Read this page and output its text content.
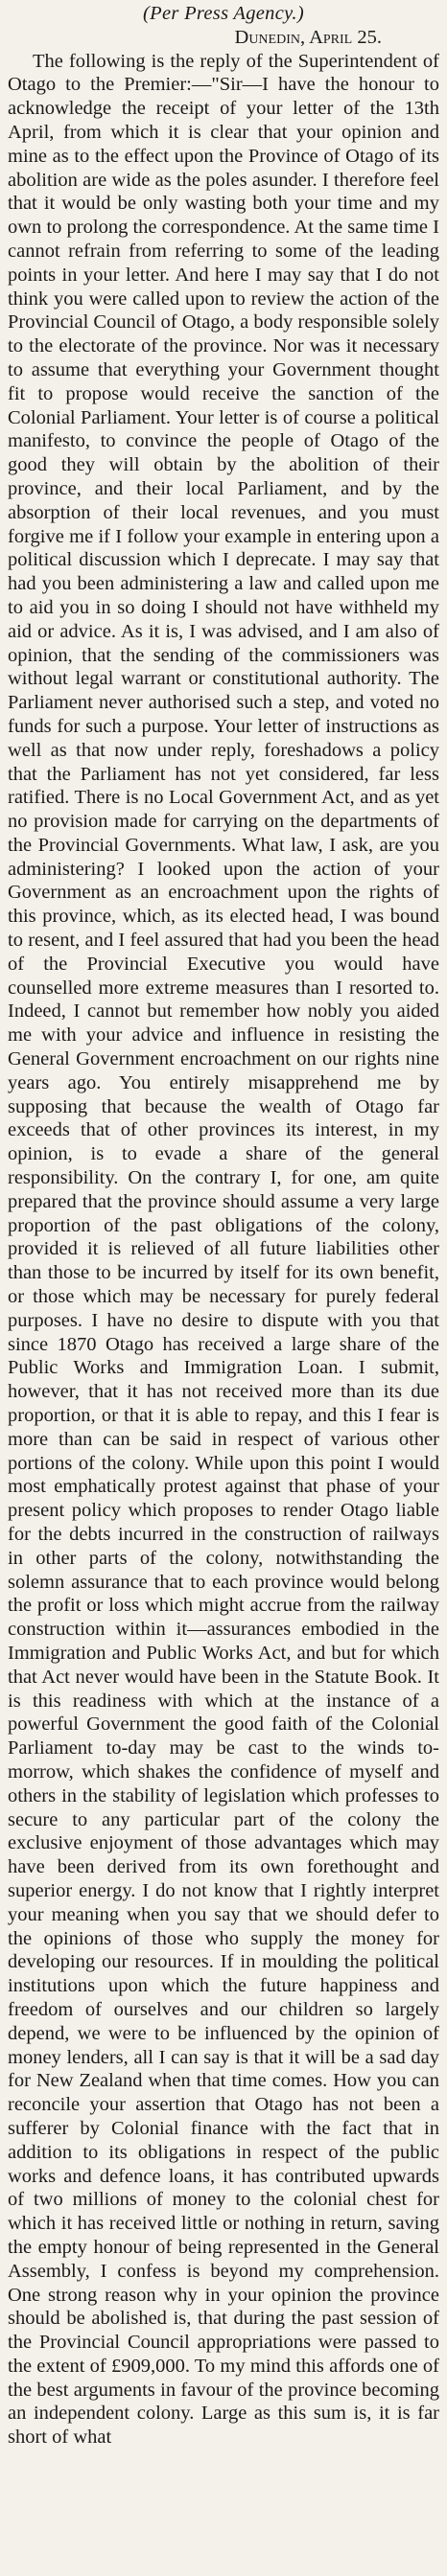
(Per Press Agency.)

Dunedin, April 25.

The following is the reply of the Superintendent of Otago to the Premier:—"Sir—I have the honour to acknowledge the receipt of your letter of the 13th April, from which it is clear that your opinion and mine as to the effect upon the Province of Otago of its abolition are wide as the poles asunder. I therefore feel that it would be only wasting both your time and my own to prolong the correspondence. At the same time I cannot refrain from referring to some of the leading points in your letter. And here I may say that I do not think you were called upon to review the action of the Provincial Council of Otago, a body responsible solely to the electorate of the province. Nor was it necessary to assume that everything your Government thought fit to propose would receive the sanction of the Colonial Parliament. Your letter is of course a political manifesto, to convince the people of Otago of the good they will obtain by the abolition of their province, and their local Parliament, and by the absorption of their local revenues, and you must forgive me if I follow your example in entering upon a political discussion which I deprecate. I may say that had you been administering a law and called upon me to aid you in so doing I should not have withheld my aid or advice. As it is, I was advised, and I am also of opinion, that the sending of the commissioners was without legal warrant or constitutional authority. The Parliament never authorised such a step, and voted no funds for such a purpose. Your letter of instructions as well as that now under reply, foreshadows a policy that the Parliament has not yet considered, far less ratified. There is no Local Government Act, and as yet no provision made for carrying on the departments of the Provincial Governments. What law, I ask, are you administering? I looked upon the action of your Government as an encroachment upon the rights of this province, which, as its elected head, I was bound to resent, and I feel assured that had you been the head of the Provincial Executive you would have counselled more extreme measures than I resorted to. Indeed, I cannot but remember how nobly you aided me with your advice and influence in resisting the General Government encroachment on our rights nine years ago. You entirely misapprehend me by supposing that because the wealth of Otago far exceeds that of other provinces its interest, in my opinion, is to evade a share of the general responsibility. On the contrary I, for one, am quite prepared that the province should assume a very large proportion of the past obligations of the colony, provided it is relieved of all future liabilities other than those to be incurred by itself for its own benefit, or those which may be necessary for purely federal purposes. I have no desire to dispute with you that since 1870 Otago has received a large share of the Public Works and Immigration Loan. I submit, however, that it has not received more than its due proportion, or that it is able to repay, and this I fear is more than can be said in respect of various other portions of the colony. While upon this point I would most emphatically protest against that phase of your present policy which proposes to render Otago liable for the debts incurred in the construction of railways in other parts of the colony, notwithstanding the solemn assurance that to each province would belong the profit or loss which might accrue from the railway construction within it—assurances embodied in the Immigration and Public Works Act, and but for which that Act never would have been in the Statute Book. It is this readiness with which at the instance of a powerful Government the good faith of the Colonial Parliament to-day may be cast to the winds to-morrow, which shakes the confidence of myself and others in the stability of legislation which professes to secure to any particular part of the colony the exclusive enjoyment of those advantages which may have been derived from its own forethought and superior energy. I do not know that I rightly interpret your meaning when you say that we should defer to the opinions of those who supply the money for developing our resources. If in moulding the political institutions upon which the future happiness and freedom of ourselves and our children so largely depend, we were to be influenced by the opinion of money lenders, all I can say is that it will be a sad day for New Zealand when that time comes. How you can reconcile your assertion that Otago has not been a sufferer by Colonial finance with the fact that in addition to its obligations in respect of the public works and defence loans, it has contributed upwards of two millions of money to the colonial chest for which it has received little or nothing in return, saving the empty honour of being represented in the General Assembly, I confess is beyond my comprehension. One strong reason why in your opinion the province should be abolished is, that during the past session of the Provincial Council appropriations were passed to the extent of £909,000. To my mind this affords one of the best arguments in favour of the province becoming an independent colony. Large as this sum is, it is far short of what
